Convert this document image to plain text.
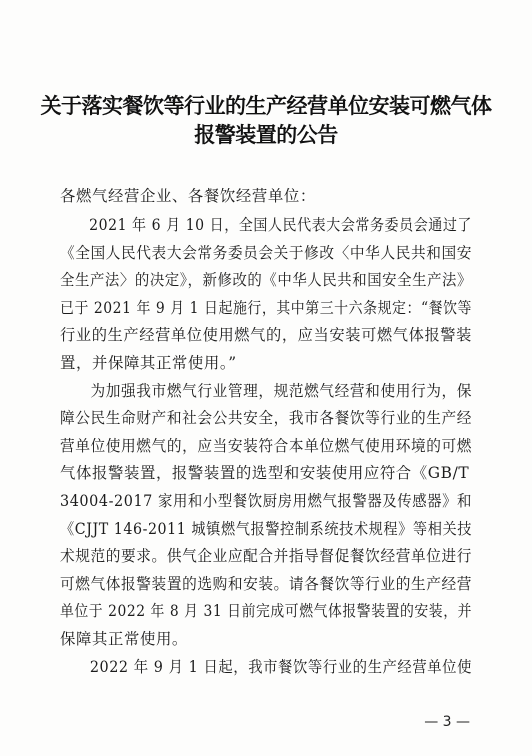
关于落实餐饮等行业的生产经营单位安装可燃气体
报警装置的公告
各燃气经营企业、各餐饮经营单位：
　　2021 年 6 月 10 日，全国人民代表大会常务委员会通过了
《全国人民代表大会常务委员会关于修改〈中华人民共和国安
全生产法〉的决定》，新修改的《中华人民共和国安全生产法》
已于 2021 年 9 月 1 日起施行，其中第三十六条规定：“餐饮等
行业的生产经营单位使用燃气的，应当安装可燃气体报警装
置，并保障其正常使用。”
　　为加强我市燃气行业管理，规范燃气经营和使用行为，保
障公民生命财产和社会公共安全，我市各餐饮等行业的生产经
营单位使用燃气的，应当安装符合本单位燃气使用环境的可燃
气体报警装置，报警装置的选型和安装使用应符合《GB/T
34004-2017 家用和小型餐饮厨房用燃气报警器及传感器》和
《CJJT 146-2011 城镇燃气报警控制系统技术规程》等相关技
术规范的要求。供气企业应配合并指导督促餐饮经营单位进行
可燃气体报警装置的选购和安装。请各餐饮等行业的生产经营
单位于 2022 年 8 月 31 日前完成可燃气体报警装置的安装，并
保障其正常使用。
　　2022 年 9 月 1 日起，我市餐饮等行业的生产经营单位使
— 3 —
